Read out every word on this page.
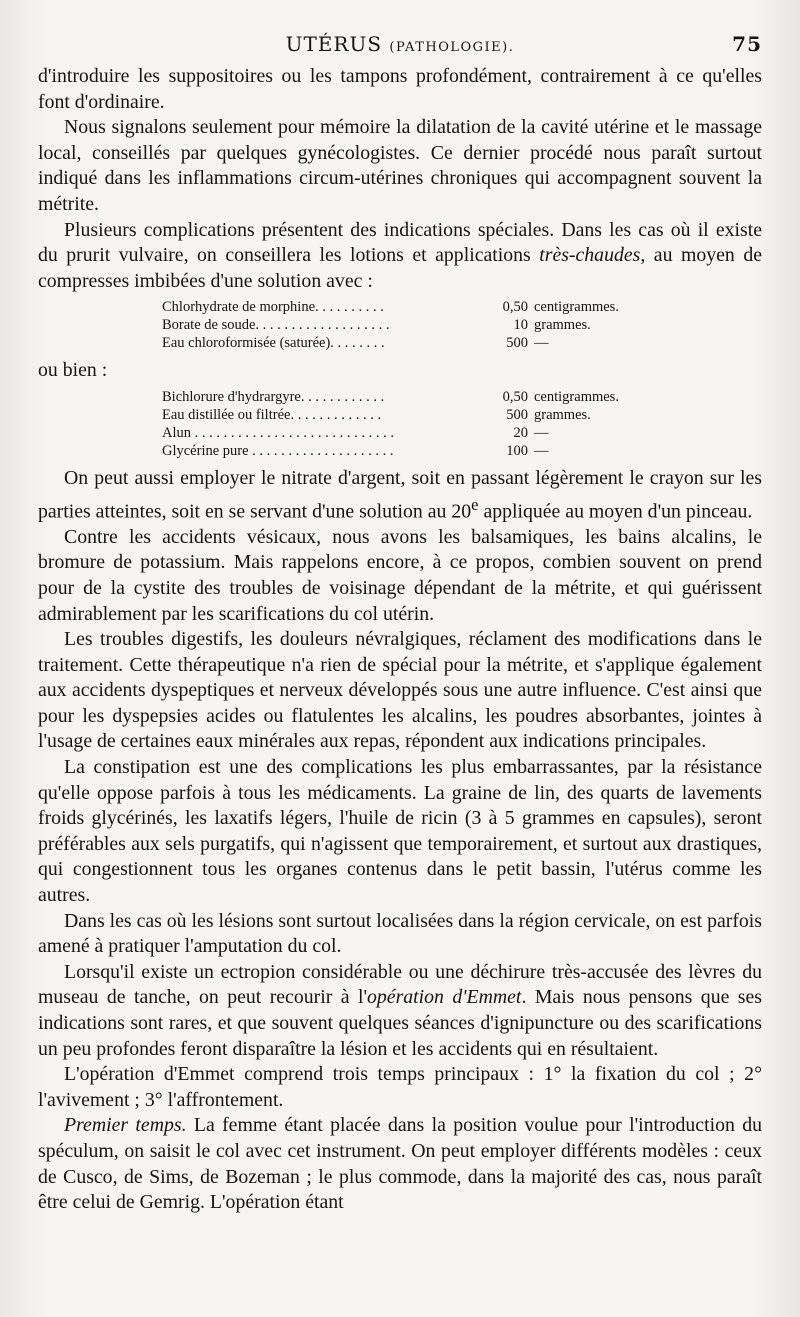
UTÉRUS (PATHOLOGIE).	75

d'introduire les suppositoires ou les tampons profondément, contrairement à ce qu'elles font d'ordinaire.

Nous signalons seulement pour mémoire la dilatation de la cavité utérine et le massage local, conseillés par quelques gynécologistes. Ce dernier procédé nous paraît surtout indiqué dans les inflammations circum-utérines chroniques qui accompagnent souvent la métrite.

Plusieurs complications présentent des indications spéciales. Dans les cas où il existe du prurit vulvaire, on conseillera les lotions et applications très-chaudes, au moyen de compresses imbibées d'une solution avec :

Chlorhydrate de morphine. . . . . . . . . .	0,50 centigrammes.
Borate de soude. . . . . . . . . . . . . . . . . . .	10 grammes.
Eau chloroformisée (saturée). . . . . . . .	500 —

ou bien :

Bichlorure d'hydrargyre. . . . . . . . . . . .	0,50 centigrammes.
Eau distillée ou filtrée. . . . . . . . . . . . .	500 grammes.
Alun . . . . . . . . . . . . . . . . . . . . . . . . . . . .	20 —
Glycérine pure . . . . . . . . . . . . . . . . . . . .	100 —

On peut aussi employer le nitrate d'argent, soit en passant légèrement le crayon sur les parties atteintes, soit en se servant d'une solution au 20e appliquée au moyen d'un pinceau.

Contre les accidents vésicaux, nous avons les balsamiques, les bains alcalins, le bromure de potassium. Mais rappelons encore, à ce propos, combien souvent on prend pour de la cystite des troubles de voisinage dépendant de la métrite, et qui guérissent admirablement par les scarifications du col utérin.

Les troubles digestifs, les douleurs névralgiques, réclament des modifications dans le traitement. Cette thérapeutique n'a rien de spécial pour la métrite, et s'applique également aux accidents dyspeptiques et nerveux développés sous une autre influence. C'est ainsi que pour les dyspepsies acides ou flatulentes les alcalins, les poudres absorbantes, jointes à l'usage de certaines eaux minérales aux repas, répondent aux indications principales.

La constipation est une des complications les plus embarrassantes, par la résistance qu'elle oppose parfois à tous les médicaments. La graine de lin, des quarts de lavements froids glycérinés, les laxatifs légers, l'huile de ricin (3 à 5 grammes en capsules), seront préférables aux sels purgatifs, qui n'agissent que temporairement, et surtout aux drastiques, qui congestionnent tous les organes contenus dans le petit bassin, l'utérus comme les autres.

Dans les cas où les lésions sont surtout localisées dans la région cervicale, on est parfois amené à pratiquer l'amputation du col.

Lorsqu'il existe un ectropion considérable ou une déchirure très-accusée des lèvres du museau de tanche, on peut recourir à l'opération d'Emmet. Mais nous pensons que ses indications sont rares, et que souvent quelques séances d'ignipuncture ou des scarifications un peu profondes feront disparaître la lésion et les accidents qui en résultaient.

L'opération d'Emmet comprend trois temps principaux : 1° la fixation du col ; 2° l'avivement ; 3° l'affrontement.

Premier temps. La femme étant placée dans la position voulue pour l'introduction du spéculum, on saisit le col avec cet instrument. On peut employer différents modèles : ceux de Cusco, de Sims, de Bozeman ; le plus commode, dans la majorité des cas, nous paraît être celui de Gemrig. L'opération étant
